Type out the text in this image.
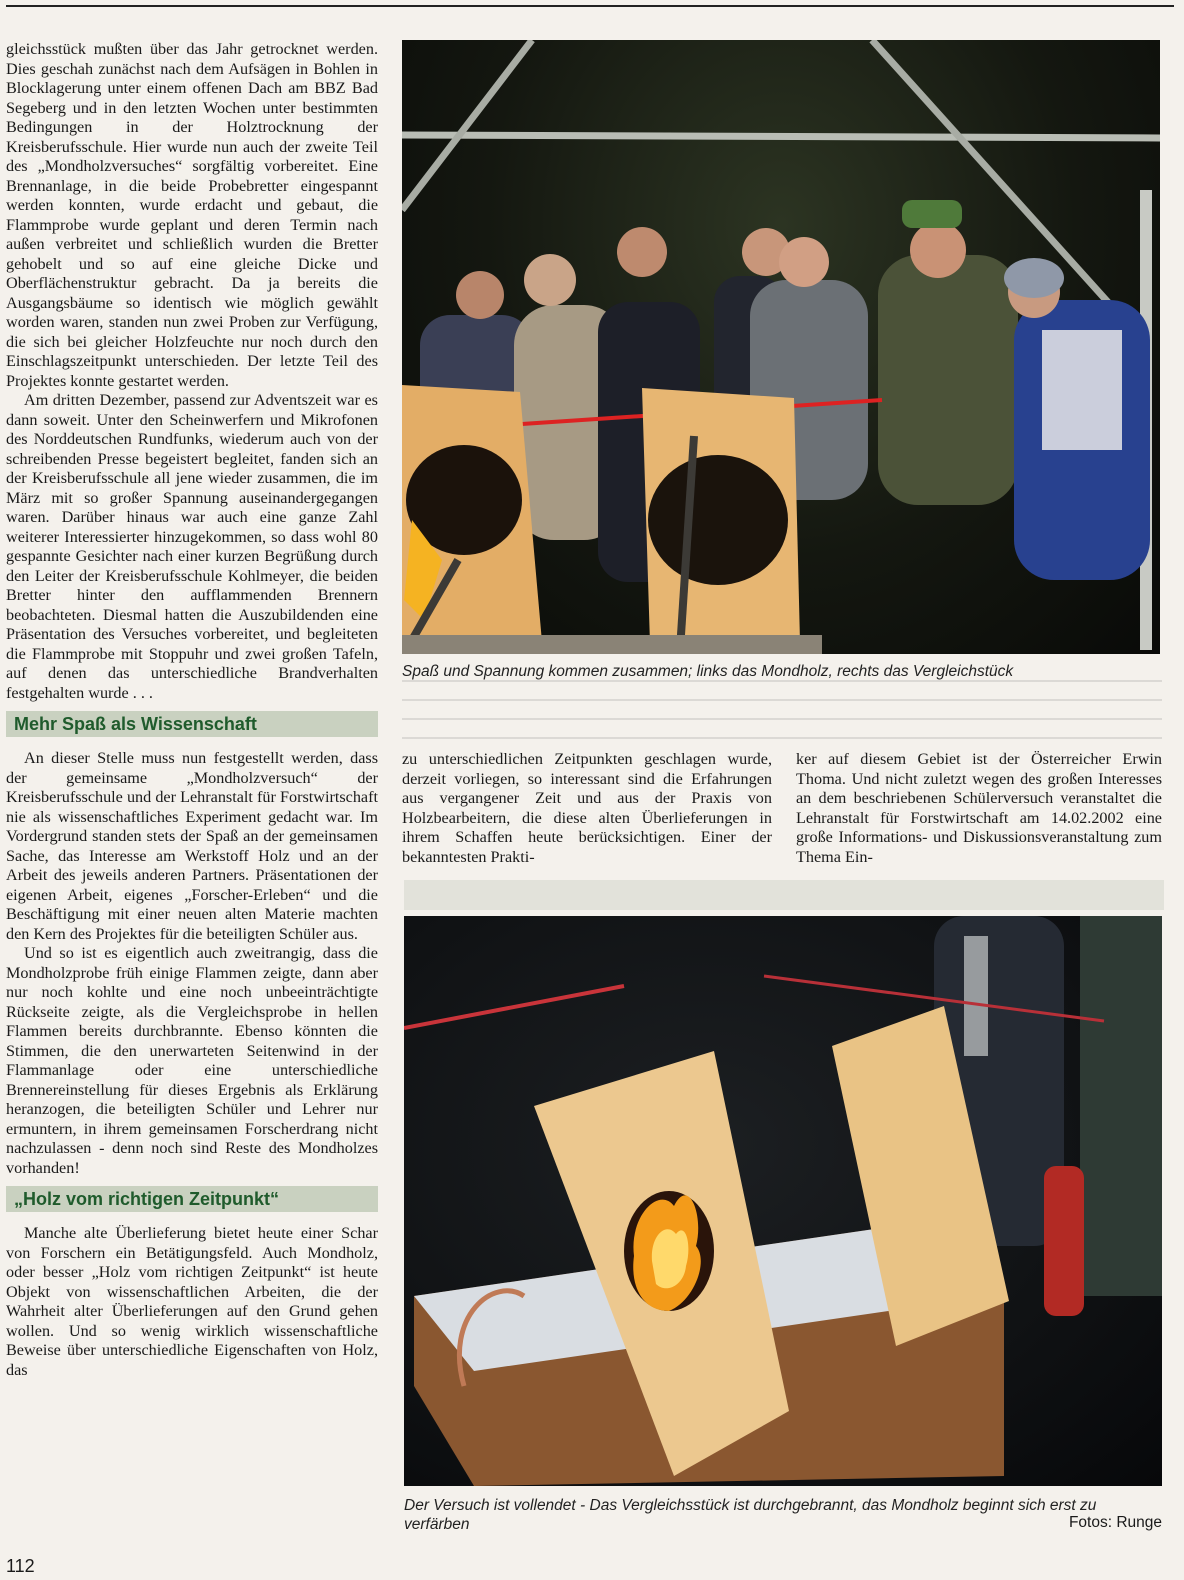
gleichsstück mußten über das Jahr getrocknet werden. Dies geschah zunächst nach dem Aufsägen in Bohlen in Blocklagerung unter einem offenen Dach am BBZ Bad Segeberg und in den letzten Wochen unter bestimmten Bedingungen in der Holztrocknung der Kreisberufsschule. Hier wurde nun auch der zweite Teil des „Mondholzversuches“ sorgfältig vorbereitet. Eine Brennanlage, in die beide Probebretter eingespannt werden konnten, wurde erdacht und gebaut, die Flammprobe wurde geplant und deren Termin nach außen verbreitet und schließlich wurden die Bretter gehobelt und so auf eine gleiche Dicke und Oberflächenstruktur gebracht. Da ja bereits die Ausgangsbäume so identisch wie möglich gewählt worden waren, standen nun zwei Proben zur Verfügung, die sich bei gleicher Holzfeuchte nur noch durch den Einschlagszeitpunkt unterschieden. Der letzte Teil des Projektes konnte gestartet werden.

Am dritten Dezember, passend zur Adventszeit war es dann soweit. Unter den Scheinwerfern und Mikrofonen des Norddeutschen Rundfunks, wiederum auch von der schreibenden Presse begeistert begleitet, fanden sich an der Kreisberufsschule all jene wieder zusammen, die im März mit so großer Spannung auseinandergegangen waren. Darüber hinaus war auch eine ganze Zahl weiterer Interessierter hinzugekommen, so dass wohl 80 gespannte Gesichter nach einer kurzen Begrüßung durch den Leiter der Kreisberufsschule Kohlmeyer, die beiden Bretter hinter den aufflammenden Brennern beobachteten. Diesmal hatten die Auszubildenden eine Präsentation des Versuches vorbereitet, und begleiteten die Flammprobe mit Stoppuhr und zwei großen Tafeln, auf denen das unterschiedliche Brandverhalten festgehalten wurde . . .

Mehr Spaß als Wissenschaft

An dieser Stelle muss nun festgestellt werden, dass der gemeinsame „Mondholzversuch“ der Kreisberufsschule und der Lehranstalt für Forstwirtschaft nie als wissenschaftliches Experiment gedacht war. Im Vordergrund standen stets der Spaß an der gemeinsamen Sache, das Interesse am Werkstoff Holz und an der Arbeit des jeweils anderen Partners. Präsentationen der eigenen Arbeit, eigenes „Forscher-Erleben“ und die Beschäftigung mit einer neuen alten Materie machten den Kern des Projektes für die beteiligten Schüler aus.

Und so ist es eigentlich auch zweitrangig, dass die Mondholzprobe früh einige Flammen zeigte, dann aber nur noch kohlte und eine noch unbeeinträchtigte Rückseite zeigte, als die Vergleichsprobe in hellen Flammen bereits durchbrannte. Ebenso könnten die Stimmen, die den unerwarteten Seitenwind in der Flammanlage oder eine unterschiedliche Brennereinstellung für dieses Ergebnis als Erklärung heranzogen, die beteiligten Schüler und Lehrer nur ermuntern, in ihrem gemeinsamen Forscherdrang nicht nachzulassen - denn noch sind Reste des Mondholzes vorhanden!

„Holz vom richtigen Zeitpunkt“

Manche alte Überlieferung bietet heute einer Schar von Forschern ein Betätigungsfeld. Auch Mondholz, oder besser „Holz vom richtigen Zeitpunkt“ ist heute Objekt von wissenschaftlichen Arbeiten, die der Wahrheit alter Überlieferungen auf den Grund gehen wollen. Und so wenig wirklich wissenschaftliche Beweise über unterschiedliche Eigenschaften von Holz, das

Spaß und Spannung kommen zusammen; links das Mondholz, rechts das Vergleichstück

zu unterschiedlichen Zeitpunkten geschlagen wurde, derzeit vorliegen, so interessant sind die Erfahrungen aus vergangener Zeit und aus der Praxis von Holzbearbeitern, die diese alten Überlieferungen in ihrem Schaffen heute berücksichtigen. Einer der bekanntesten Prakti-

ker auf diesem Gebiet ist der Österreicher Erwin Thoma. Und nicht zuletzt wegen des großen Interesses an dem beschriebenen Schülerversuch veranstaltet die Lehranstalt für Forstwirtschaft am 14.02.2002 eine große Informations- und Diskussionsveranstaltung zum Thema Ein-

Der Versuch ist vollendet - Das Vergleichsstück ist durchgebrannt, das Mondholz beginnt sich erst zu verfärben	Fotos: Runge
112
